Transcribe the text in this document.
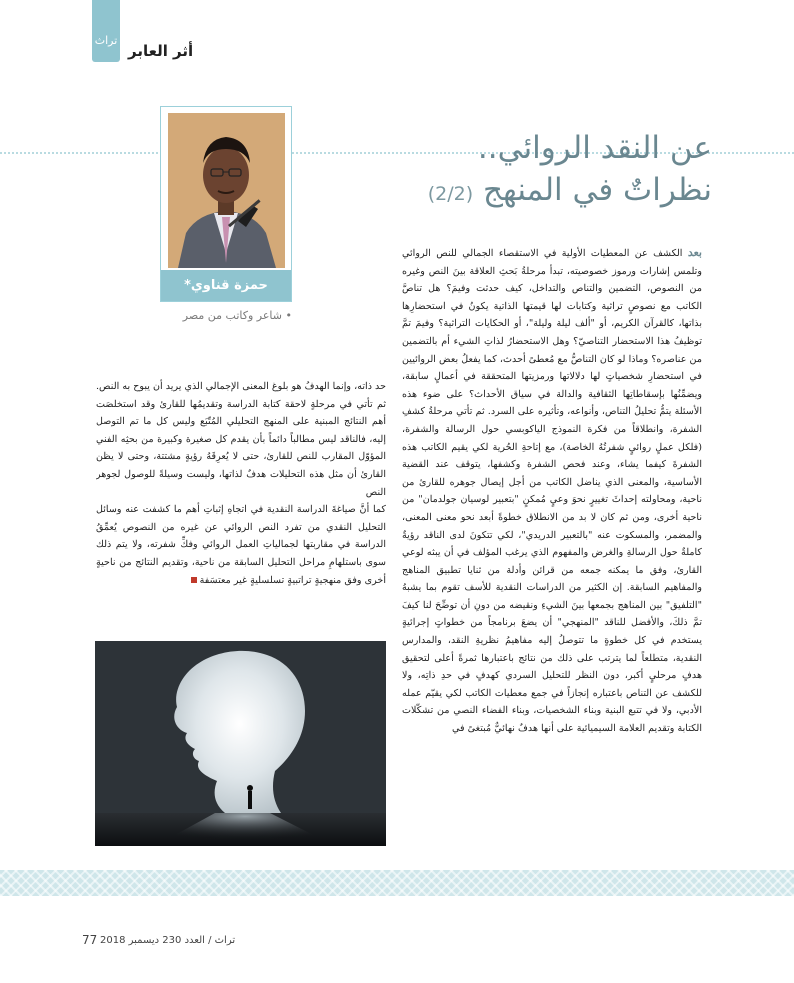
تراث
أثر العابر
عن النقد الروائي..
نظراتٌ في المنهج (2/2)
حمزة قناوي*
• شاعر وكاتب من مصر
بعد الكشف عن المعطيات الأولية في الاستقصاء الجمالي للنص الروائي وتلمس إشارات ورموز خصوصيته، تبدأ مرحلةُ بَحثِ العلاقة بينَ النص وغيره من النصوص، التضمين والتناص والتداخل، كيف حدثت وفيمَ؟ هل تناصَّ الكاتب مع نصوصٍ تراثية وكتابات لها قيمتها الذاتية يكونُ في استحضارِها بذاتها، كالقرآن الكريم، أو "ألف ليلة وليلة"، أو الحكايات التراثية؟ وفيمَ تمَّ توظيفُ هذا الاستحضار التناصيّ؟ وهل الاستحضارُ لذاتِ الشيء أم بالتضمين من عناصره؟ وماذا لو كان التناصُّ مع مُعطىً أحدث، كما يفعلُ بعض الروائيين في استحضارِ شخصياتٍ لها دلالاتها ورمزيتها المتحققة في أعمالٍ سابقة، ويضمِّنُها بإسقاطاتِها الثقافية والدالة في سياق الأحداث؟ على ضوء هذه الأسئلة يتمُّ تحليلُ التناص، وأنواعه، وتأثيره على السرد. ثم تأتي مرحلةُ كشفِ الشفرة، وانطلاقاً من فكرة النموذج الياكوبسي حول الرسالة والشفرة، (فلكل عملٍ روائيٍ شفرتُهُ الخاصة)، مع إتاحةِ الحُرية لكي يقيم الكاتب هذه الشفرةَ كيفما يشاء، وعند فحص الشفرة وكشفها، يتوقف عند القضية الأساسية، والمعنى الذي يناضل الكاتب من أجل إيصال جوهره للقارئ من ناحية، ومحاولته إحداثَ تغييرٍ نحوَ وعيٍ مُمكنٍ "بتعبير لوسيان جولدمان" من ناحية أخرى، ومن ثم كان لا بد من الانطلاق خطوةً أبعد نحو معنى المعنى، والمضمر، والمسكوت عنه "بالتعبير الدريدي"، لكي تتكونَ لدى الناقد رؤيةٌ كاملةٌ حول الرسالةِ والغرض والمفهوم الذي يرغب المؤلف في أن يبثه لوعي القارئ، وفق ما يمكنه جمعه من قرائن وأدلة من ثنايا تطبيق المناهج والمفاهيم السابقة. إن الكثير من الدراسات النقدية للأسف تقوم بما يشبهُ "التلفيق" بين المناهج بجمعها بينَ الشيءِ ونقيضه من دونِ أن توضِّحَ لنا كيفَ تمَّ ذلكَ، والأفضل للناقد "المنهجي" أن يضعَ برنامجاً من خطواتٍ إجرائيةٍ يستخدم في كل خطوةٍ ما تتوصلُ إليه مفاهيمُ نظريةِ النقد، والمدارس النقدية، متطلعاً لما يترتب على ذلك من نتائج باعتبارها ثمرةً أعلى لتحقيق هدفٍ مرحليٍ أكبر، دون النظر للتحليل السردي كهدفٍ في حدِ ذاتِه، ولا للكشف عن التناص باعتباره إنجازاً في جمع معطيات الكاتب لكي يقيّم عمله الأدبي، ولا في تتبع البنية وبناء الشخصيات، وبناء الفضاء النصي من تشكّلات الكتابة وتقديم العلامة السيميائية على أنها هدفٌ نهائيٌّ مُبتغىً في
حد ذاته، وإنما الهدفُ هو بلوغ المعنى الإجمالي الذي يريد أن يبوح به النص. ثم تأتي في مرحلةٍ لاحقة كتابة الدراسة وتقديمُها للقارئ وقد استخلصَت أهم النتائج المبنية على المنهج التحليلي المُتّبَع وليس كل ما تم التوصل إليه، فالناقد ليس مطالباً دائماً بأن يقدم كل صغيرة وكبيرة من بحثِه الفني المؤوّل المقارب للنص للقارئ، حتى لا يُعرِقَهُ رؤيةٍ مشتتة، وحتى لا يظن القارئ أن مثل هذه التحليلات هدفٌ لذاتها، وليست وسيلةً للوصول لجوهر النص
كما أنَّ صياغةَ الدراسة النقدية في اتجاهِ إثباتِ أهم ما كشفت عنه وسائل التحليل النقدي من تفرد النص الروائي عن غيره من النصوص يُعمِّقُ الدراسة في مقاربتها لجمالياتِ العمل الروائي وفكِّ شفرته، ولا يتم ذلك سوى باستلهامِ مراحل التحليل السابقة من ناحية، وتقديم النتائج من ناحيةٍ أخرى وفق منهجيةٍ تراتبيةٍ تسلسليةٍ غير معتسَفة
تراث / العدد 230 ديسمبر 2018
77
